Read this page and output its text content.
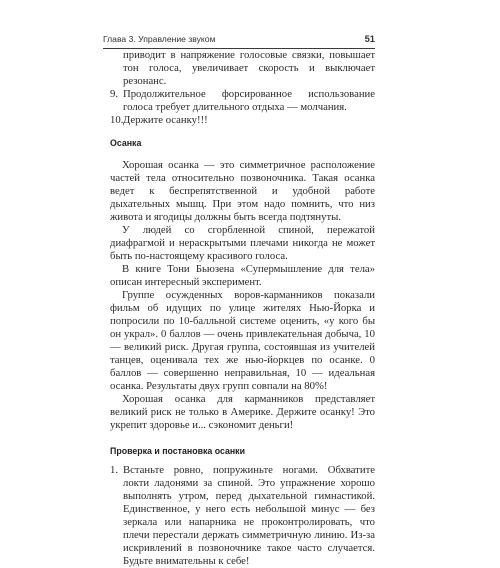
Глава 3. Управление звуком	51

приводит в напряжение голосовые связки, повышает тон голоса, увеличивает скорость и выключает резонанс.

9. Продолжительное форсированное использование голоса требует длительного отдыха — молчания.

10. Держите осанку!!!

Осанка

Хорошая осанка — это симметричное расположение частей тела относительно позвоночника. Такая осанка ведет к беспрепятственной и удобной работе дыхательных мышц. При этом надо помнить, что низ живота и ягодицы должны быть всегда подтянуты.

У людей со сгорбленной спиной, пережатой диафрагмой и нераскрытыми плечами никогда не может быть по-настоящему красивого голоса.

В книге Тони Бьюзена «Супермышление для тела» описан интересный эксперимент.

Группе осужденных воров-карманников показали фильм об идущих по улице жителях Нью-Йорка и попросили по 10-балльной системе оценить, «у кого бы он украл». 0 баллов — очень привлекательная добыча, 10 — великий риск. Другая группа, состоявшая из учителей танцев, оценивала тех же нью-йоркцев по осанке. 0 баллов — совершенно неправильная, 10 — идеальная осанка. Результаты двух групп совпали на 80%!

Хорошая осанка для карманников представляет великий риск не только в Америке. Держите осанку! Это укрепит здоровье и... сэкономит деньги!

Проверка и постановка осанки
1. Встаньте ровно, попружиньте ногами. Обхватите локти ладонями за спиной. Это упражнение хорошо выполнять утром, перед дыхательной гимнастикой. Единственное, у него есть небольшой минус — без зеркала или напарника не проконтролировать, что плечи перестали держать симметричную линию. Из-за искривлений в позвоночнике такое часто случается. Будьте внимательны к себе!
